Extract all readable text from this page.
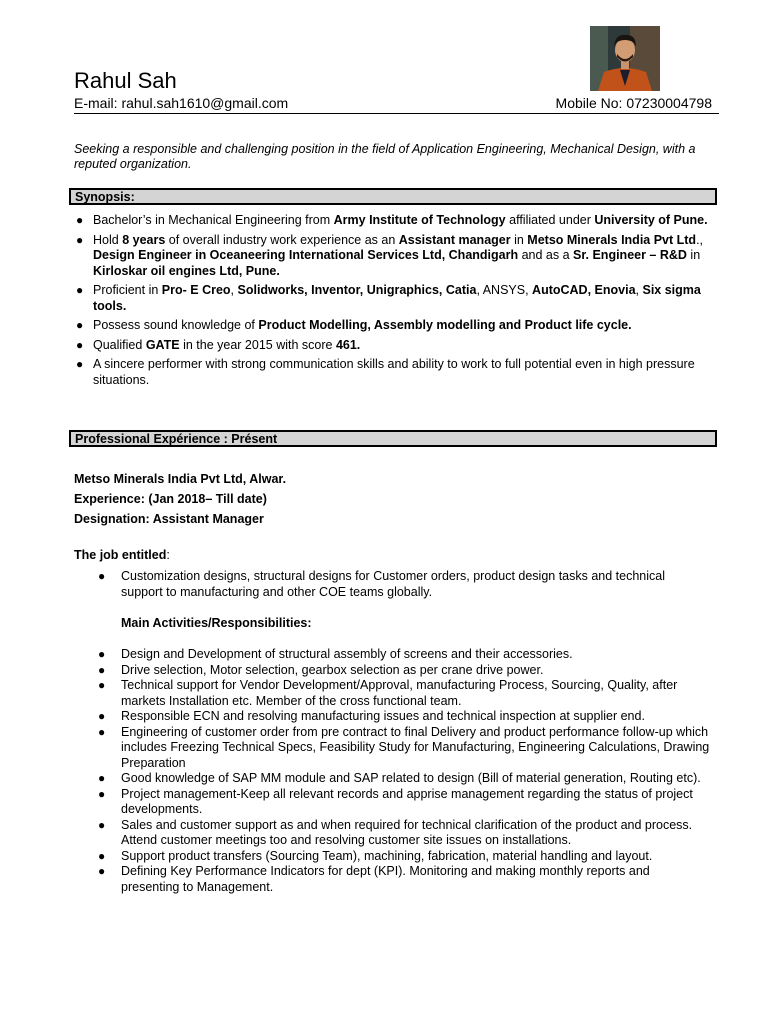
Rahul Sah
E-mail: rahul.sah1610@gmail.com	Mobile No: 07230004798
Seeking a responsible and challenging position in the field of Application Engineering, Mechanical Design, with a reputed organization.
Synopsis:
● Bachelor’s in Mechanical Engineering from Army Institute of Technology affiliated under University of Pune.
● Hold 8 years of overall industry work experience as an Assistant manager in Metso Minerals India Pvt Ltd., Design Engineer in Oceaneering International Services Ltd, Chandigarh and as a Sr. Engineer – R&D in Kirloskar oil engines Ltd, Pune.
● Proficient in Pro- E Creo, Solidworks, Inventor, Unigraphics, Catia, ANSYS, AutoCAD, Enovia, Six sigma tools.
● Possess sound knowledge of Product Modelling, Assembly modelling and Product life cycle.
● Qualified GATE in the year 2015 with score 461.
● A sincere performer with strong communication skills and ability to work to full potential even in high pressure situations.
Professional Expérience : Présent
Metso Minerals India Pvt Ltd, Alwar.
Experience: (Jan 2018– Till date)
Designation: Assistant Manager
The job entitled:
● Customization designs, structural designs for Customer orders, product design tasks and technical support to manufacturing and other COE teams globally.
Main Activities/Responsibilities:
● Design and Development of structural assembly of screens and their accessories.
● Drive selection, Motor selection, gearbox selection as per crane drive power.
● Technical support for Vendor Development/Approval, manufacturing Process, Sourcing, Quality, after markets Installation etc. Member of the cross functional team.
● Responsible ECN and resolving manufacturing issues and technical inspection at supplier end.
● Engineering of customer order from pre contract to final Delivery and product performance follow-up which includes Freezing Technical Specs, Feasibility Study for Manufacturing, Engineering Calculations, Drawing Preparation
● Good knowledge of SAP MM module and SAP related to design (Bill of material generation, Routing etc).
● Project management-Keep all relevant records and apprise management regarding the status of project developments.
● Sales and customer support as and when required for technical clarification of the product and process. Attend customer meetings too and resolving customer site issues on installations.
● Support product transfers (Sourcing Team), machining, fabrication, material handling and layout.
● Defining Key Performance Indicators for dept (KPI). Monitoring and making monthly reports and presenting to Management.
